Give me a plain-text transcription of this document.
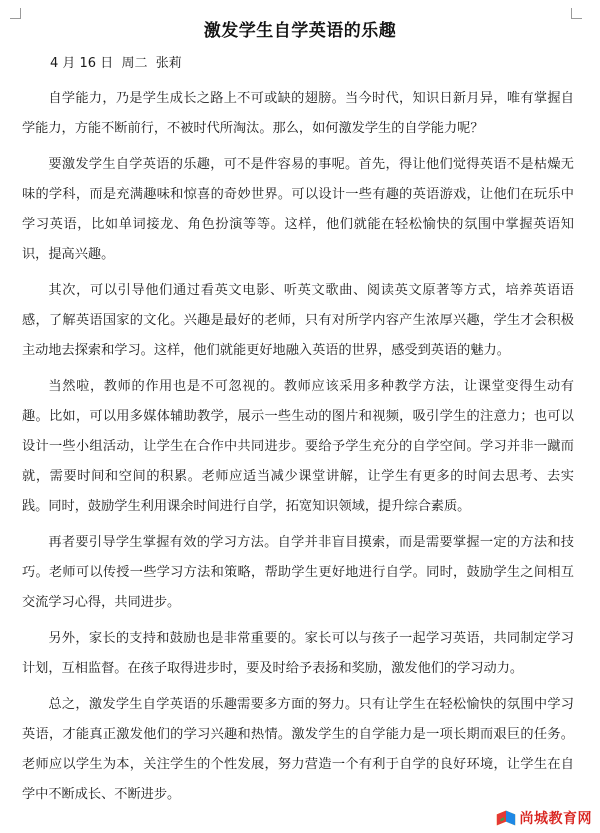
激发学生自学英语的乐趣
4 月 16 日  周二  张莉

自学能力，乃是学生成长之路上不可或缺的翅膀。当今时代，知识日新月异，唯有掌握自学能力，方能不断前行，不被时代所淘汰。那么，如何激发学生的自学能力呢？

要激发学生自学英语的乐趣，可不是件容易的事呢。首先，得让他们觉得英语不是枯燥无味的学科，而是充满趣味和惊喜的奇妙世界。可以设计一些有趣的英语游戏，让他们在玩乐中学习英语，比如单词接龙、角色扮演等等。这样，他们就能在轻松愉快的氛围中掌握英语知识，提高兴趣。

其次，可以引导他们通过看英文电影、听英文歌曲、阅读英文原著等方式，培养英语语感，了解英语国家的文化。兴趣是最好的老师，只有对所学内容产生浓厚兴趣，学生才会积极主动地去探索和学习。这样，他们就能更好地融入英语的世界，感受到英语的魅力。

当然啦，教师的作用也是不可忽视的。教师应该采用多种教学方法，让课堂变得生动有趣。比如，可以用多媒体辅助教学，展示一些生动的图片和视频，吸引学生的注意力；也可以设计一些小组活动，让学生在合作中共同进步。要给予学生充分的自学空间。学习并非一蹴而就，需要时间和空间的积累。老师应适当减少课堂讲解，让学生有更多的时间去思考、去实践。同时，鼓励学生利用课余时间进行自学，拓宽知识领域，提升综合素质。

再者要引导学生掌握有效的学习方法。自学并非盲目摸索，而是需要掌握一定的方法和技巧。老师可以传授一些学习方法和策略，帮助学生更好地进行自学。同时，鼓励学生之间相互交流学习心得，共同进步。

另外，家长的支持和鼓励也是非常重要的。家长可以与孩子一起学习英语，共同制定学习计划，互相监督。在孩子取得进步时，要及时给予表扬和奖励，激发他们的学习动力。

总之，激发学生自学英语的乐趣需要多方面的努力。只有让学生在轻松愉快的氛围中学习英语，才能真正激发他们的学习兴趣和热情。激发学生的自学能力是一项长期而艰巨的任务。老师应以学生为本，关注学生的个性发展，努力营造一个有利于自学的良好环境，让学生在自学中不断成长、不断进步。

尚城教育网
